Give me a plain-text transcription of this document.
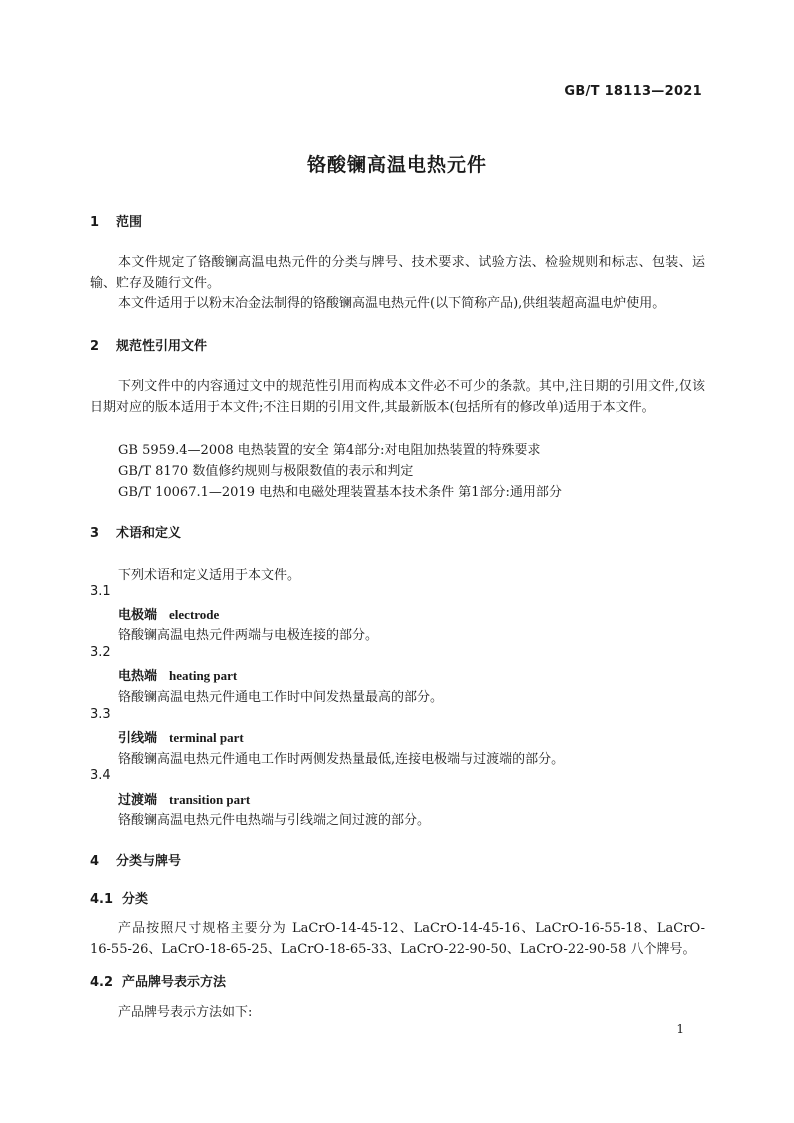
GB/T 18113—2021
铬酸镧高温电热元件
1 范围
本文件规定了铬酸镧高温电热元件的分类与牌号、技术要求、试验方法、检验规则和标志、包装、运输、贮存及随行文件。
本文件适用于以粉末冶金法制得的铬酸镧高温电热元件(以下简称产品),供组装超高温电炉使用。
2 规范性引用文件
下列文件中的内容通过文中的规范性引用而构成本文件必不可少的条款。其中,注日期的引用文件,仅该日期对应的版本适用于本文件;不注日期的引用文件,其最新版本(包括所有的修改单)适用于本文件。
GB 5959.4—2008 电热装置的安全 第4部分:对电阻加热装置的特殊要求
GB/T 8170 数值修约规则与极限数值的表示和判定
GB/T 10067.1—2019 电热和电磁处理装置基本技术条件 第1部分:通用部分
3 术语和定义
下列术语和定义适用于本文件。
3.1
电极端 electrode
铬酸镧高温电热元件两端与电极连接的部分。
3.2
电热端 heating part
铬酸镧高温电热元件通电工作时中间发热量最高的部分。
3.3
引线端 terminal part
铬酸镧高温电热元件通电工作时两侧发热量最低,连接电极端与过渡端的部分。
3.4
过渡端 transition part
铬酸镧高温电热元件电热端与引线端之间过渡的部分。
4 分类与牌号
4.1 分类
产品按照尺寸规格主要分为 LaCrO-14-45-12、LaCrO-14-45-16、LaCrO-16-55-18、LaCrO-16-55-26、LaCrO-18-65-25、LaCrO-18-65-33、LaCrO-22-90-50、LaCrO-22-90-58 八个牌号。
4.2 产品牌号表示方法
产品牌号表示方法如下:
1
